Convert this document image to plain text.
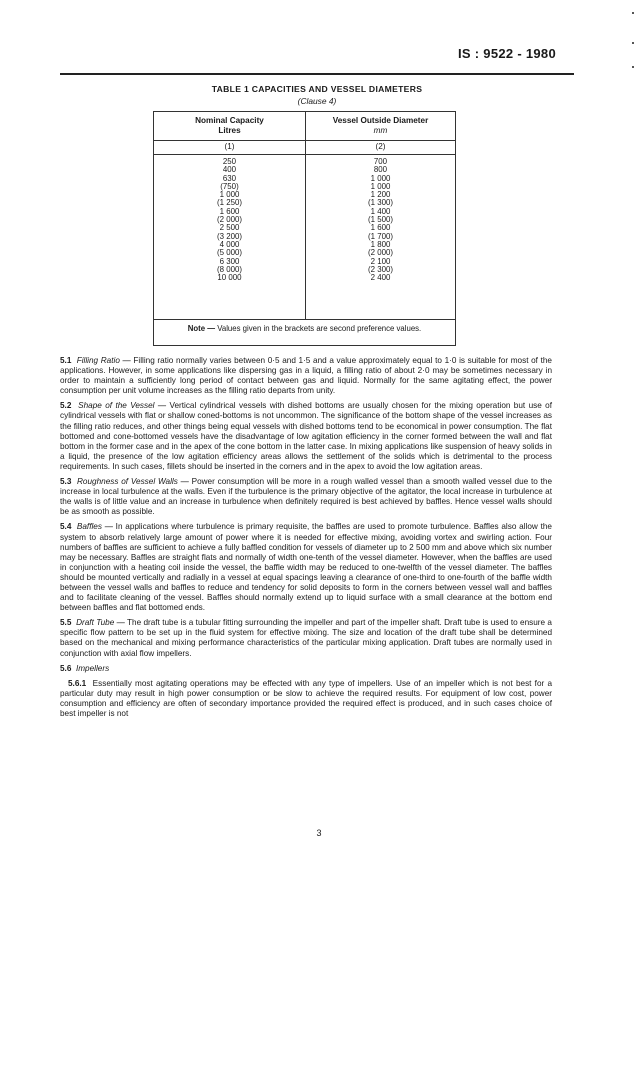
IS : 9522 - 1980
TABLE 1 CAPACITIES AND VESSEL DIAMETERS
(Clause 4)
Nominal Capacity
Litres
Vessel Outside Diameter
mm
(1)	(2)
250
400
630
(750)
1 000
(1 250)
1 600
(2 000)
2 500
(3 200)
4 000
(5 000)
6 300
(8 000)
10 000
700
800
1 000
1 000
1 200
(1 300)
1 400
(1 500)
1 600
(1 700)
1 800
(2 000)
2 100
(2 300)
2 400
Note — Values given in the brackets are second preference values.

5.1 Filling Ratio — Filling ratio normally varies between 0·5 and 1·5 and a value approximately equal to 1·0 is suitable for most of the applications. However, in some applications like dispersing gas in a liquid, a filling ratio of about 2·0 may be sometimes necessary in order to maintain a sufficiently long period of contact between gas and liquid. Normally for the same agitating effect, the power consumption per unit volume increases as the filling ratio departs from unity.

5.2 Shape of the Vessel — Vertical cylindrical vessels with dished bottoms are usually chosen for the mixing operation but use of cylindrical vessels with flat or shallow coned-bottoms is not uncommon. The significance of the bottom shape of the vessel increases as the filling ratio reduces, and other things being equal vessels with dished bottoms tend to be economical in power consumption. The flat bottomed and cone-bottomed vessels have the disadvantage of low agitation efficiency in the corner formed between the wall and flat bottom in the former case and in the apex of the cone bottom in the latter case. In mixing applications like suspension of heavy solids in a liquid, the presence of the low agitation efficiency areas allows the settlement of the solids which is detrimental to the process requirements. In such cases, fillets should be inserted in the corners and in the apex to avoid the low agitation areas.

5.3 Roughness of Vessel Walls — Power consumption will be more in a rough walled vessel than a smooth walled vessel due to the increase in local turbulence at the walls. Even if the turbulence is the primary objective of the agitator, the local increase in turbulence at the walls is of little value and an increase in turbulence when definitely required is best achieved by baffles. Hence vessel walls should be as smooth as possible.

5.4 Baffles — In applications where turbulence is primary requisite, the baffles are used to promote turbulence. Baffles also allow the system to absorb relatively large amount of power where it is needed for effective mixing, avoiding vortex and swirling action. Four numbers of baffles are sufficient to achieve a fully baffled condition for vessels of diameter up to 2 500 mm and above which six number may be necessary. Baffles are straight flats and normally of width one-tenth of the vessel diameter. However, when the baffles are used in conjunction with a heating coil inside the vessel, the baffle width may be reduced to one-twelfth of the vessel diameter. The baffles should be mounted vertically and radially in a vessel at equal spacings leaving a clearance of one-third to one-fourth of the baffle width between the vessel walls and baffles to reduce and tendency for solid deposits to form in the corners between vessel wall and baffles and to facilitate cleaning of the vessel. Baffles should normally extend up to liquid surface with a small clearance at the bottom end between baffles and flat bottomed ends.

5.5 Draft Tube — The draft tube is a tubular fitting surrounding the impeller and part of the impeller shaft. Draft tube is used to ensure a specific flow pattern to be set up in the fluid system for effective mixing. The size and location of the draft tube shall be determined based on the mechanical and mixing performance characteristics of the particular mixing application. Draft tubes are normally used in conjunction with axial flow impellers.

5.6 Impellers

5.6.1 Essentially most agitating operations may be effected with any type of impellers. Use of an impeller which is not best for a particular duty may result in high power consumption or be slow to achieve the required results. For equipment of low cost, power consumption and efficiency are often of secondary importance provided the required effect is produced, and in such cases choice of best impeller is not

3
